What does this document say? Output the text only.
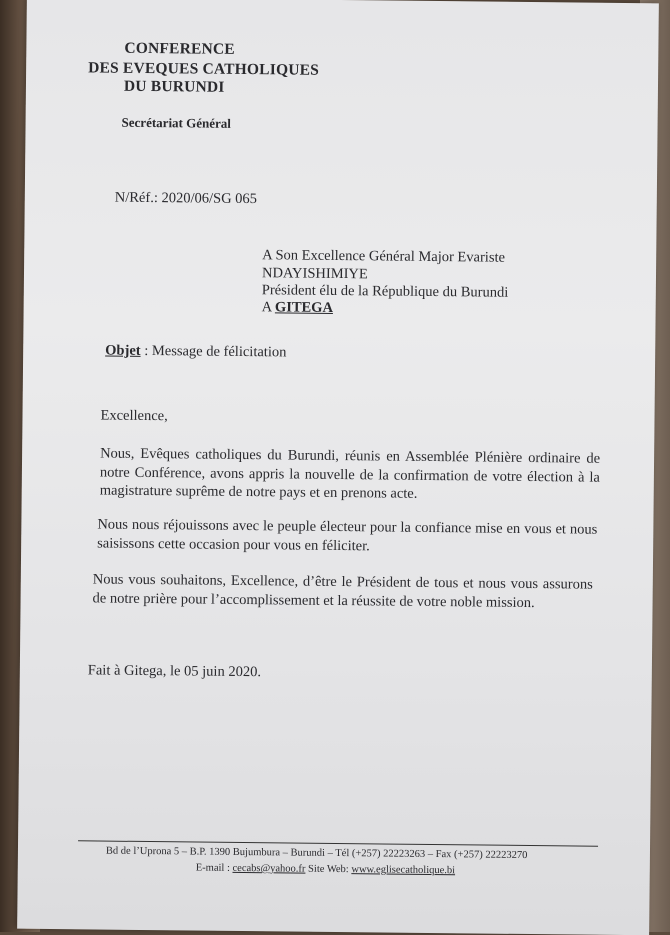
CONFERENCE
DES EVEQUES CATHOLIQUES
DU BURUNDI
Secrétariat Général
N/Réf.: 2020/06/SG 065
A Son Excellence Général Major Evariste
NDAYISHIMIYE
Président élu de la République du Burundi
A GITEGA
Objet : Message de félicitation
Excellence,
Nous, Evêques catholiques du Burundi, réunis en Assemblée Plénière ordinaire de notre Conférence, avons appris la nouvelle de la confirmation de votre élection à la magistrature suprême de notre pays et en prenons acte.
Nous nous réjouissons avec le peuple électeur pour la confiance mise en vous et nous saisissons cette occasion pour vous en féliciter.
Nous vous souhaitons, Excellence, d’être le Président de tous et nous vous assurons de notre prière pour l’accomplissement et la réussite de votre noble mission.
Fait à Gitega, le 05 juin 2020.
Bd de l’Uprona 5 – B.P. 1390 Bujumbura – Burundi – Tél (+257) 22223263 – Fax (+257) 22223270
E-mail : cecabs@yahoo.fr Site Web: www.eglisecatholique.bi
